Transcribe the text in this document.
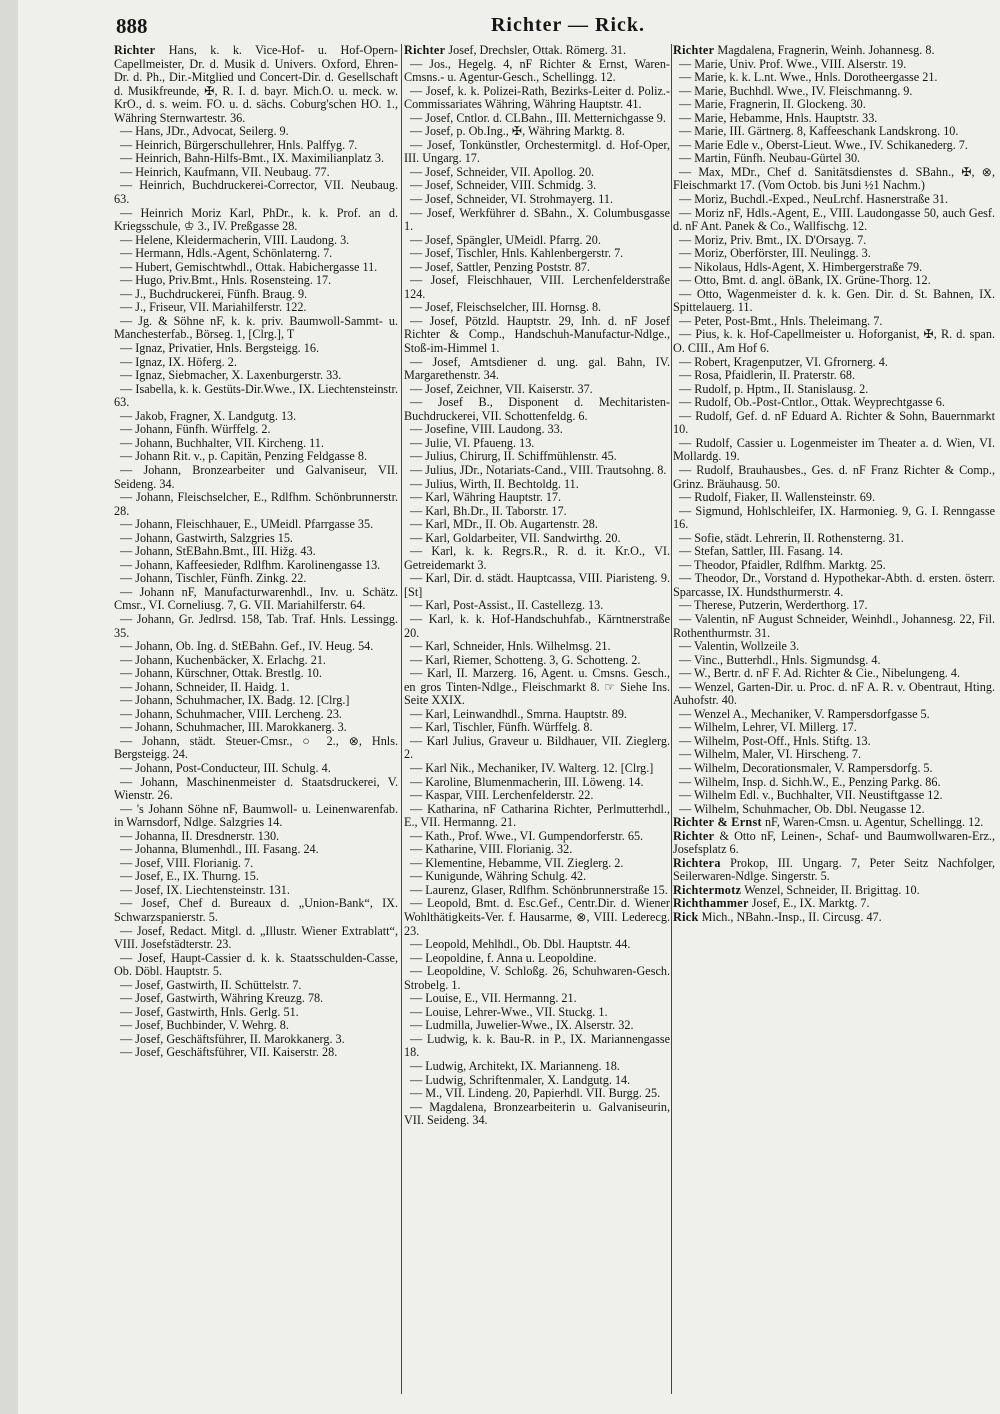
888	Richter — Rick.

Richter Hans, k. k. Vice-Hof- u. Hof-Opern-Capellmeister, Dr. d. Musik d. Univers. Oxford, Ehren-Dr. d. Ph., Dir.-Mitglied und Concert-Dir. d. Gesellschaft d. Musikfreunde, ✠, R. I. d. bayr. Mich.O. u. meck. w. KrO., d. s. weim. FO. u. d. sächs. Coburg'schen HO. 1., Währing Sternwartestr. 36.

— Hans, JDr., Advocat, Seilerg. 9.

— Heinrich, Bürgerschullehrer, Hnls. Palffyg. 7.

— Heinrich, Bahn-Hilfs-Bmt., IX. Maximilianplatz 3.

— Heinrich, Kaufmann, VII. Neubaug. 77.

— Heinrich, Buchdruckerei-Corrector, VII. Neubaug. 63.

— Heinrich Moriz Karl, PhDr., k. k. Prof. an d. Kriegsschule, ♔ 3., IV. Preßgasse 28.

— Helene, Kleidermacherin, VIII. Laudong. 3.

— Hermann, Hdls.-Agent, Schönlaterng. 7.

— Hubert, Gemischtwhdl., Ottak. Habichergasse 11.

— Hugo, Priv.Bmt., Hnls. Rosensteing. 17.

— J., Buchdruckerei, Fünfh. Braug. 9.

— J., Friseur, VII. Mariahilferstr. 122.

— Jg. & Söhne nF, k. k. priv. Baumwoll-Sammt- u. Manchesterfab., Börseg. 1, [Clrg.], T

— Ignaz, Privatier, Hnls. Bergsteigg. 16.

— Ignaz, IX. Höferg. 2.

— Ignaz, Siebmacher, X. Laxenburgerstr. 33.

— Isabella, k. k. Gestüts-Dir.Wwe., IX. Liechtensteinstr. 63.

— Jakob, Fragner, X. Landgutg. 13.

— Johann, Fünfh. Würffelg. 2.

— Johann, Buchhalter, VII. Kircheng. 11.

— Johann Rit. v., p. Capitän, Penzing Feldgasse 8.

— Johann, Bronzearbeiter und Galvaniseur, VII. Seideng. 34.

— Johann, Fleischselcher, E., Rdlfhm. Schönbrunnerstr. 28.

— Johann, Fleischhauer, E., UMeidl. Pfarrgasse 35.

— Johann, Gastwirth, Salzgries 15.

— Johann, StEBahn.Bmt., III. Hižg. 43.

— Johann, Kaffeesieder, Rdlfhm. Karolinengasse 13.

— Johann, Tischler, Fünfh. Zinkg. 22.

— Johann nF, Manufacturwarenhdl., Inv. u. Schätz. Cmsr., VI. Corneliusg. 7, G. VII. Mariahilferstr. 64.

— Johann, Gr. Jedlrsd. 158, Tab. Traf. Hnls. Lessingg. 35.

— Johann, Ob. Ing. d. StEBahn. Gef., IV. Heug. 54.

— Johann, Kuchenbäcker, X. Erlachg. 21.

— Johann, Kürschner, Ottak. Brestlg. 10.

— Johann, Schneider, II. Haidg. 1.

— Johann, Schuhmacher, IX. Badg. 12. [Clrg.]

— Johann, Schuhmacher, VIII. Lercheng. 23.

— Johann, Schuhmacher, III. Marokkanerg. 3.

— Johann, städt. Steuer-Cmsr., ○ 2., ⊗, Hnls. Bergsteigg. 24.

— Johann, Post-Conducteur, III. Schulg. 4.

— Johann, Maschinenmeister d. Staatsdruckerei, V. Wienstr. 26.

— 's Johann Söhne nF, Baumwoll- u. Leinenwarenfab. in Warnsdorf, Ndlge. Salzgries 14.

— Johanna, II. Dresdnerstr. 130.

— Johanna, Blumenhdl., III. Fasang. 24.

— Josef, VIII. Florianig. 7.

— Josef, E., IX. Thurng. 15.

— Josef, IX. Liechtensteinstr. 131.

— Josef, Chef d. Bureaux d. „Union-Bank“, IX. Schwarzspanierstr. 5.

— Josef, Redact. Mitgl. d. „Illustr. Wiener Extrablatt“, VIII. Josefstädterstr. 23.

— Josef, Haupt-Cassier d. k. k. Staatsschulden-Casse, Ob. Döbl. Hauptstr. 5.

— Josef, Gastwirth, II. Schüttelstr. 7.

— Josef, Gastwirth, Währing Kreuzg. 78.

— Josef, Gastwirth, Hnls. Gerlg. 51.

— Josef, Buchbinder, V. Wehrg. 8.

— Josef, Geschäftsführer, II. Marokkanerg. 3.

— Josef, Geschäftsführer, VII. Kaiserstr. 28.

Richter Josef, Drechsler, Ottak. Römerg. 31.

— Jos., Hegelg. 4, nF Richter & Ernst, Waren-Cmsns.- u. Agentur-Gesch., Schellingg. 12.

— Josef, k. k. Polizei-Rath, Bezirks-Leiter d. Poliz.-Commissariates Währing, Währing Hauptstr. 41.

— Josef, Cntlor. d. CLBahn., III. Metternichgasse 9.

— Josef, p. Ob.Ing., ✠, Währing Marktg. 8.

— Josef, Tonkünstler, Orchestermitgl. d. Hof-Oper, III. Ungarg. 17.

— Josef, Schneider, VII. Apollog. 20.

— Josef, Schneider, VIII. Schmidg. 3.

— Josef, Schneider, VI. Strohmayerg. 11.

— Josef, Werkführer d. SBahn., X. Columbusgasse 1.

— Josef, Spängler, UMeidl. Pfarrg. 20.

— Josef, Tischler, Hnls. Kahlenbergerstr. 7.

— Josef, Sattler, Penzing Poststr. 87.

— Josef, Fleischhauer, VIII. Lerchenfelderstraße 124.

— Josef, Fleischselcher, III. Hornsg. 8.

— Josef, Pötzld. Hauptstr. 29, Inh. d. nF Josef Richter & Comp., Handschuh-Manufactur-Ndlge., Stoß-im-Himmel 1.

— Josef, Amtsdiener d. ung. gal. Bahn, IV. Margarethenstr. 34.

— Josef, Zeichner, VII. Kaiserstr. 37.

— Josef B., Disponent d. Mechitaristen-Buchdruckerei, VII. Schottenfeldg. 6.

— Josefine, VIII. Laudong. 33.

— Julie, VI. Pfaueng. 13.

— Julius, Chirurg, II. Schiffmühlenstr. 45.

— Julius, JDr., Notariats-Cand., VIII. Trautsohng. 8.

— Julius, Wirth, II. Bechtoldg. 11.

— Karl, Währing Hauptstr. 17.

— Karl, Bh.Dr., II. Taborstr. 17.

— Karl, MDr., II. Ob. Augartenstr. 28.

— Karl, Goldarbeiter, VII. Sandwirthg. 20.

— Karl, k. k. Regrs.R., R. d. it. Kr.O., VI. Getreidemarkt 3.

— Karl, Dir. d. städt. Hauptcassa, VIII. Piaristeng. 9. [St]

— Karl, Post-Assist., II. Castellezg. 13.

— Karl, k. k. Hof-Handschuhfab., Kärntnerstraße 20.

— Karl, Schneider, Hnls. Wilhelmsg. 21.

— Karl, Riemer, Schotteng. 3, G. Schotteng. 2.

— Karl, II. Marzerg. 16, Agent. u. Cmsns. Gesch., en gros Tinten-Ndlge., Fleischmarkt 8. ☞ Siehe Ins. Seite XXIX.

— Karl, Leinwandhdl., Smrna. Hauptstr. 89.

— Karl, Tischler, Fünfh. Würffelg. 8.

— Karl Julius, Graveur u. Bildhauer, VII. Zieglerg. 2.

— Karl Nik., Mechaniker, IV. Walterg. 12. [Clrg.]

— Karoline, Blumenmacherin, III. Löweng. 14.

— Kaspar, VIII. Lerchenfelderstr. 22.

— Katharina, nF Catharina Richter, Perlmutterhdl., E., VII. Hermanng. 21.

— Kath., Prof. Wwe., VI. Gumpendorferstr. 65.

— Katharine, VIII. Florianig. 32.

— Klementine, Hebamme, VII. Zieglerg. 2.

— Kunigunde, Währing Schulg. 42.

— Laurenz, Glaser, Rdlfhm. Schönbrunnerstraße 15.

— Leopold, Bmt. d. Esc.Gef., Centr.Dir. d. Wiener Wohlthätigkeits-Ver. f. Hausarme, ⊗, VIII. Lederecg. 23.

— Leopold, Mehlhdl., Ob. Dbl. Hauptstr. 44.

— Leopoldine, f. Anna u. Leopoldine.

— Leopoldine, V. Schloßg. 26, Schuhwaren-Gesch. Strobelg. 1.

— Louise, E., VII. Hermanng. 21.

— Louise, Lehrer-Wwe., VII. Stuckg. 1.

— Ludmilla, Juwelier-Wwe., IX. Alserstr. 32.

— Ludwig, k. k. Bau-R. in P., IX. Mariannengasse 18.

— Ludwig, Architekt, IX. Marianneng. 18.

— Ludwig, Schriftenmaler, X. Landgutg. 14.

— M., VII. Lindeng. 20, Papierhdl. VII. Burgg. 25.

— Magdalena, Bronzearbeiterin u. Galvaniseurin, VII. Seideng. 34.

Richter Magdalena, Fragnerin, Weinh. Johannesg. 8.

— Marie, Univ. Prof. Wwe., VIII. Alserstr. 19.

— Marie, k. k. L.nt. Wwe., Hnls. Dorotheergasse 21.

— Marie, Buchhdl. Wwe., IV. Fleischmanng. 9.

— Marie, Fragnerin, II. Glockeng. 30.

— Marie, Hebamme, Hnls. Hauptstr. 33.

— Marie, III. Gärtnerg. 8, Kaffeeschank Landskrong. 10.

— Marie Edle v., Oberst-Lieut. Wwe., IV. Schikanederg. 7.

— Martin, Fünfh. Neubau-Gürtel 30.

— Max, MDr., Chef d. Sanitätsdienstes d. SBahn., ✠, ⊗, Fleischmarkt 17. (Vom Octob. bis Juni ½1 Nachm.)

— Moriz, Buchdl.-Exped., NeuLrchf. Hasnerstraße 31.

— Moriz nF, Hdls.-Agent, E., VIII. Laudongasse 50, auch Gesf. d. nF Ant. Panek & Co., Wallfischg. 12.

— Moriz, Priv. Bmt., IX. D'Orsayg. 7.

— Moriz, Oberförster, III. Neulingg. 3.

— Nikolaus, Hdls-Agent, X. Himbergerstraße 79.

— Otto, Bmt. d. angl. öBank, IX. Grüne-Thorg. 12.

— Otto, Wagenmeister d. k. k. Gen. Dir. d. St. Bahnen, IX. Spittelauerg. 11.

— Peter, Post-Bmt., Hnls. Theleimang. 7.

— Pius, k. k. Hof-Capellmeister u. Hoforganist, ✠, R. d. span. O. CIII., Am Hof 6.

— Robert, Kragenputzer, VI. Gfrornerg. 4.

— Rosa, Pfaidlerin, II. Praterstr. 68.

— Rudolf, p. Hptm., II. Stanislausg. 2.

— Rudolf, Ob.-Post-Cntlor., Ottak. Weyprechtgasse 6.

— Rudolf, Gef. d. nF Eduard A. Richter & Sohn, Bauernmarkt 10.

— Rudolf, Cassier u. Logenmeister im Theater a. d. Wien, VI. Mollardg. 19.

— Rudolf, Brauhausbes., Ges. d. nF Franz Richter & Comp., Grinz. Bräuhausg. 50.

— Rudolf, Fiaker, II. Wallensteinstr. 69.

— Sigmund, Hohlschleifer, IX. Harmonieg. 9, G. I. Renngasse 16.

— Sofie, städt. Lehrerin, II. Rothensterng. 31.

— Stefan, Sattler, III. Fasang. 14.

— Theodor, Pfaidler, Rdlfhm. Marktg. 25.

— Theodor, Dr., Vorstand d. Hypothekar-Abth. d. ersten. österr. Sparcasse, IX. Hundsthurmerstr. 4.

— Therese, Putzerin, Werderthorg. 17.

— Valentin, nF August Schneider, Weinhdl., Johannesg. 22, Fil. Rothenthurmstr. 31.

— Valentin, Wollzeile 3.

— Vinc., Butterhdl., Hnls. Sigmundsg. 4.

— W., Bertr. d. nF F. Ad. Richter & Cie., Nibelungeng. 4.

— Wenzel, Garten-Dir. u. Proc. d. nF A. R. v. Obentraut, Hting. Auhofstr. 40.

— Wenzel A., Mechaniker, V. Rampersdorfgasse 5.

— Wilhelm, Lehrer, VI. Millerg. 17.

— Wilhelm, Post-Off., Hnls. Stiftg. 13.

— Wilhelm, Maler, VI. Hirscheng. 7.

— Wilhelm, Decorationsmaler, V. Rampersdorfg. 5.

— Wilhelm, Insp. d. Sichh.W., E., Penzing Parkg. 86.

— Wilhelm Edl. v., Buchhalter, VII. Neustiftgasse 12.

— Wilhelm, Schuhmacher, Ob. Dbl. Neugasse 12.

Richter & Ernst nF, Waren-Cmsn. u. Agentur, Schellingg. 12.

Richter & Otto nF, Leinen-, Schaf- und Baumwollwaren-Erz., Josefsplatz 6.

Richtera Prokop, III. Ungarg. 7, Peter Seitz Nachfolger, Seilerwaren-Ndlge. Singerstr. 5.

Richtermotz Wenzel, Schneider, II. Brigittag. 10.

Richthammer Josef, E., IX. Marktg. 7.

Rick Mich., NBahn.-Insp., II. Circusg. 47.
